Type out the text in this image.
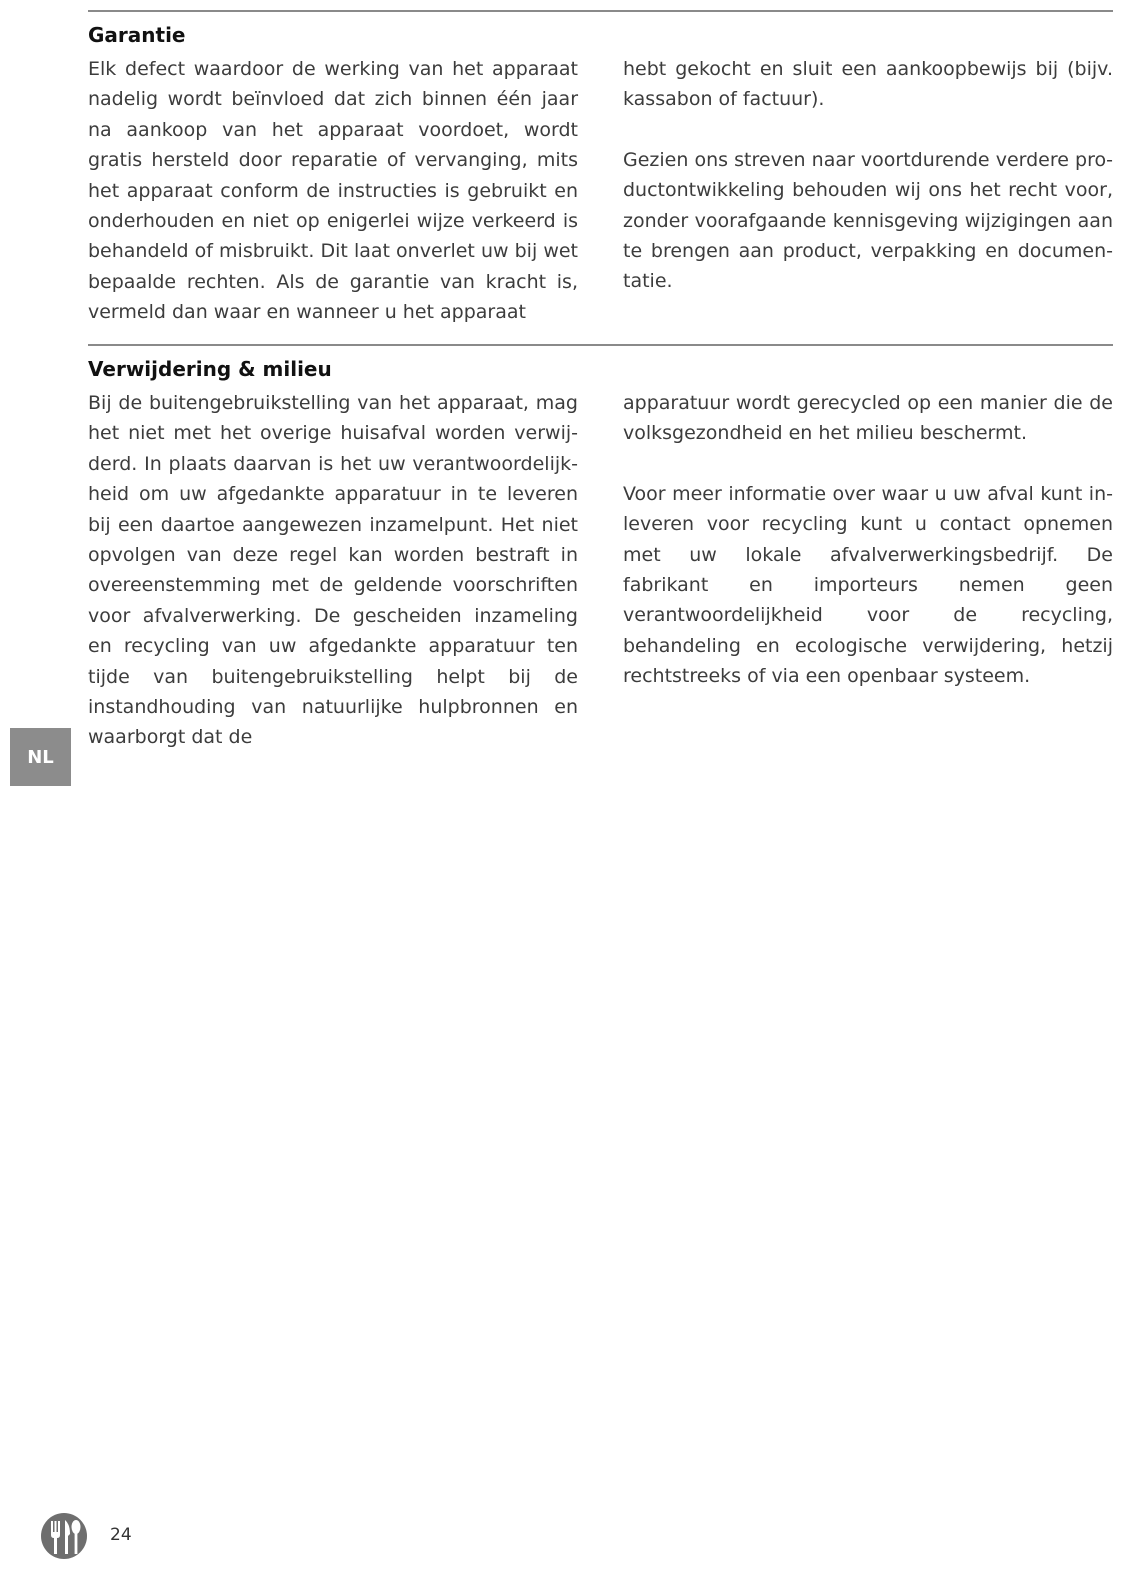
Garantie

Elk defect waardoor de werking van het apparaat nadelig wordt beïnvloed dat zich binnen één jaar na aankoop van het apparaat voordoet, wordt gratis hersteld door reparatie of vervanging, mits het apparaat conform de instructies is gebruikt en onderhouden en niet op enigerlei wijze verkeerd is behandeld of misbruikt. Dit laat onverlet uw bij wet bepaalde rechten. Als de garantie van kracht is, vermeld dan waar en wanneer u het apparaat

hebt gekocht en sluit een aankoopbewijs bij (bijv. kassabon of factuur).

Gezien ons streven naar voortdurende verdere productontwikkeling behouden wij ons het recht voor, zonder voorafgaande kennisgeving wijzigingen aan te brengen aan product, verpakking en documentatie.

Verwijdering & milieu

Bij de buitengebruikstelling van het apparaat, mag het niet met het overige huisafval worden verwijderd. In plaats daarvan is het uw verantwoordelijkheid om uw afgedankte apparatuur in te leveren bij een daartoe aangewezen inzamelpunt. Het niet opvolgen van deze regel kan worden bestraft in overeenstemming met de geldende voorschriften voor afvalverwerking. De gescheiden inzameling en recycling van uw afgedankte apparatuur ten tijde van buitengebruikstelling helpt bij de instandhouding van natuurlijke hulpbronnen en waarborgt dat de

apparatuur wordt gerecycled op een manier die de volksgezondheid en het milieu beschermt.

Voor meer informatie over waar u uw afval kunt inleveren voor recycling kunt u contact opnemen met uw lokale afvalverwerkingsbedrijf. De fabrikant en importeurs nemen geen verantwoordelijkheid voor de recycling, behandeling en ecologische verwijdering, hetzij rechtstreeks of via een openbaar systeem.

NL
24
